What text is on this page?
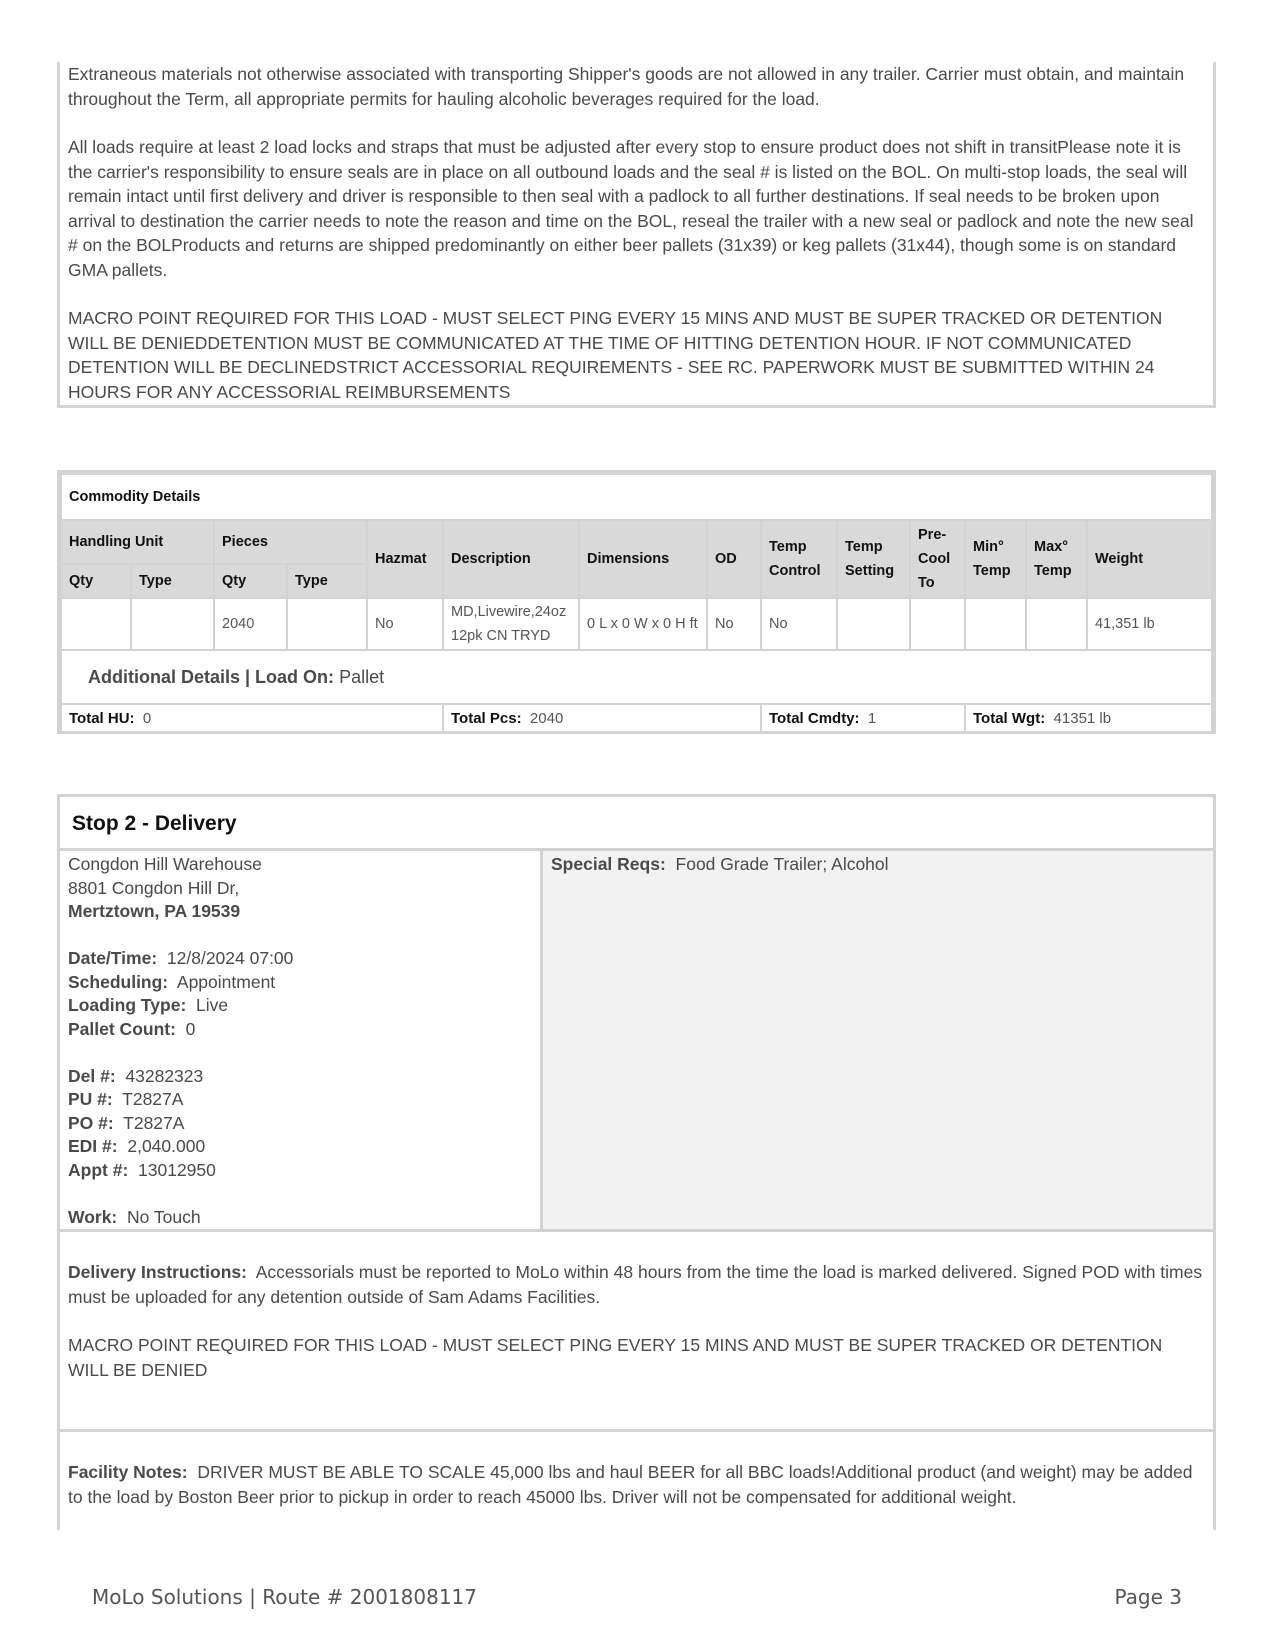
Extraneous materials not otherwise associated with transporting Shipper's goods are not allowed in any trailer. Carrier must obtain, and maintain throughout the Term, all appropriate permits for hauling alcoholic beverages required for the load.

All loads require at least 2 load locks and straps that must be adjusted after every stop to ensure product does not shift in transitPlease note it is the carrier's responsibility to ensure seals are in place on all outbound loads and the seal # is listed on the BOL. On multi-stop loads, the seal will remain intact until first delivery and driver is responsible to then seal with a padlock to all further destinations. If seal needs to be broken upon arrival to destination the carrier needs to note the reason and time on the BOL, reseal the trailer with a new seal or padlock and note the new seal # on the BOLProducts and returns are shipped predominantly on either beer pallets (31x39) or keg pallets (31x44), though some is on standard GMA pallets.

MACRO POINT REQUIRED FOR THIS LOAD - MUST SELECT PING EVERY 15 MINS AND MUST BE SUPER TRACKED OR DETENTION WILL BE DENIEDDETENTION MUST BE COMMUNICATED AT THE TIME OF HITTING DETENTION HOUR. IF NOT COMMUNICATED DETENTION WILL BE DECLINEDSTRICT ACCESSORIAL REQUIREMENTS - SEE RC. PAPERWORK MUST BE SUBMITTED WITHIN 24 HOURS FOR ANY ACCESSORIAL REIMBURSEMENTS

Commodity Details													
Handling Unit		Pieces		Hazmat	Description	Dimensions	OD	Temp Control	Temp Setting	Pre-Cool To	Min° Temp	Max° Temp	Weight
Qty	Type	Qty	Type										
		2040		No	MD,Livewire,24oz 12pk CN TRYD	0 L x 0 W x 0 H ft	No	No					41,351 lb
Additional Details | Load On: Pallet													
Total HU: 0					Total Pcs: 2040			Total Cmdty: 1			Total Wgt: 41351 lb		
Stop 2 - Delivery
Congdon Hill Warehouse
8801 Congdon Hill Dr,
Mertztown, PA 19539
Date/Time: 12/8/2024 07:00
Scheduling: Appointment
Loading Type: Live
Pallet Count: 0
Del #: 43282323
PU #: T2827A
PO #: T2827A
EDI #: 2,040.000
Appt #: 13012950
Work: No Touch
Special Reqs: Food Grade Trailer; Alcohol

Delivery Instructions: Accessorials must be reported to MoLo within 48 hours from the time the load is marked delivered. Signed POD with times must be uploaded for any detention outside of Sam Adams Facilities.

MACRO POINT REQUIRED FOR THIS LOAD - MUST SELECT PING EVERY 15 MINS AND MUST BE SUPER TRACKED OR DETENTION WILL BE DENIED

Facility Notes: DRIVER MUST BE ABLE TO SCALE 45,000 lbs and haul BEER for all BBC loads!Additional product (and weight) may be added to the load by Boston Beer prior to pickup in order to reach 45000 lbs. Driver will not be compensated for additional weight.
MoLo Solutions | Route # 2001808117	Page 3
